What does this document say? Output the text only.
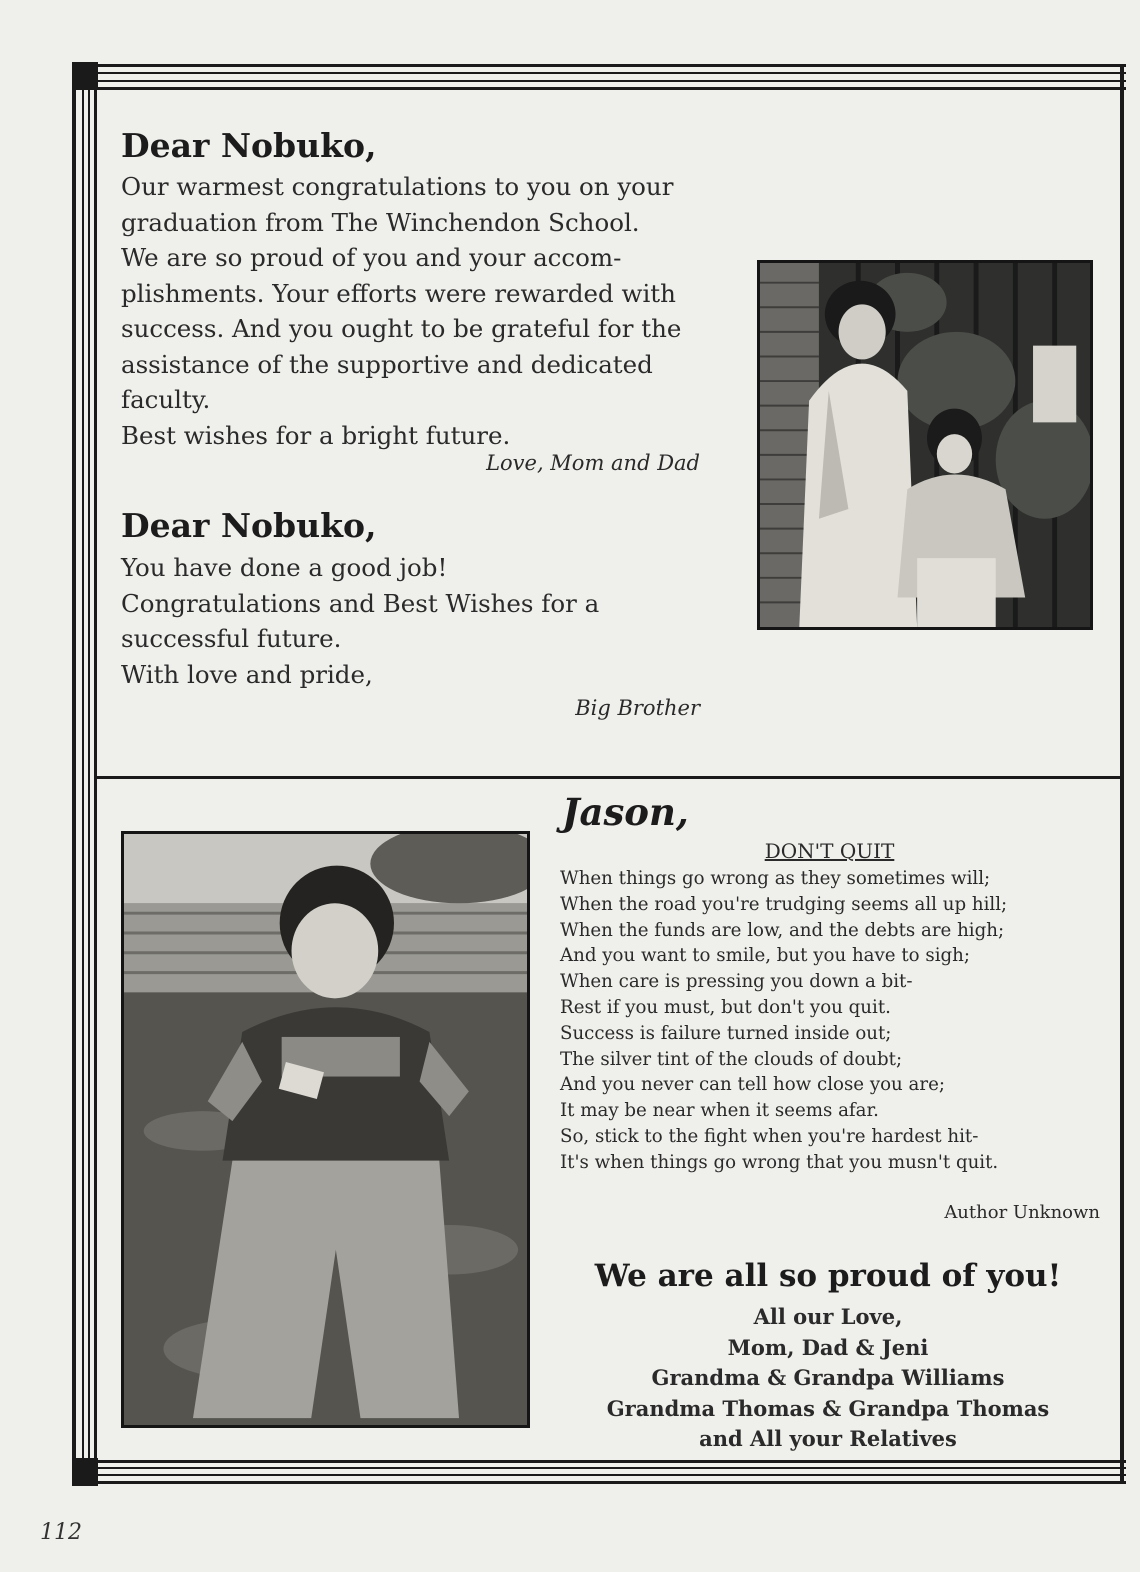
Dear Nobuko,
Our warmest congratulations to you on your
graduation from The Winchendon School.
We are so proud of you and your accom-
plishments. Your efforts were rewarded with
success. And you ought to be grateful for the
assistance of the supportive and dedicated
faculty.
Best wishes for a bright future.
Love, Mom and Dad
Dear Nobuko,
You have done a good job!
Congratulations and Best Wishes for a
successful future.
With love and pride,
Big Brother
Jason,
DON'T QUIT
When things go wrong as they sometimes will;
When the road you're trudging seems all up hill;
When the funds are low, and the debts are high;
And you want to smile, but you have to sigh;
When care is pressing you down a bit-
Rest if you must, but don't you quit.
Success is failure turned inside out;
The silver tint of the clouds of doubt;
And you never can tell how close you are;
It may be near when it seems afar.
So, stick to the fight when you're hardest hit-
It's when things go wrong that you musn't quit.
Author Unknown
We are all so proud of you!
All our Love,
Mom, Dad & Jeni
Grandma & Grandpa Williams
Grandma Thomas & Grandpa Thomas
and All your Relatives
112
